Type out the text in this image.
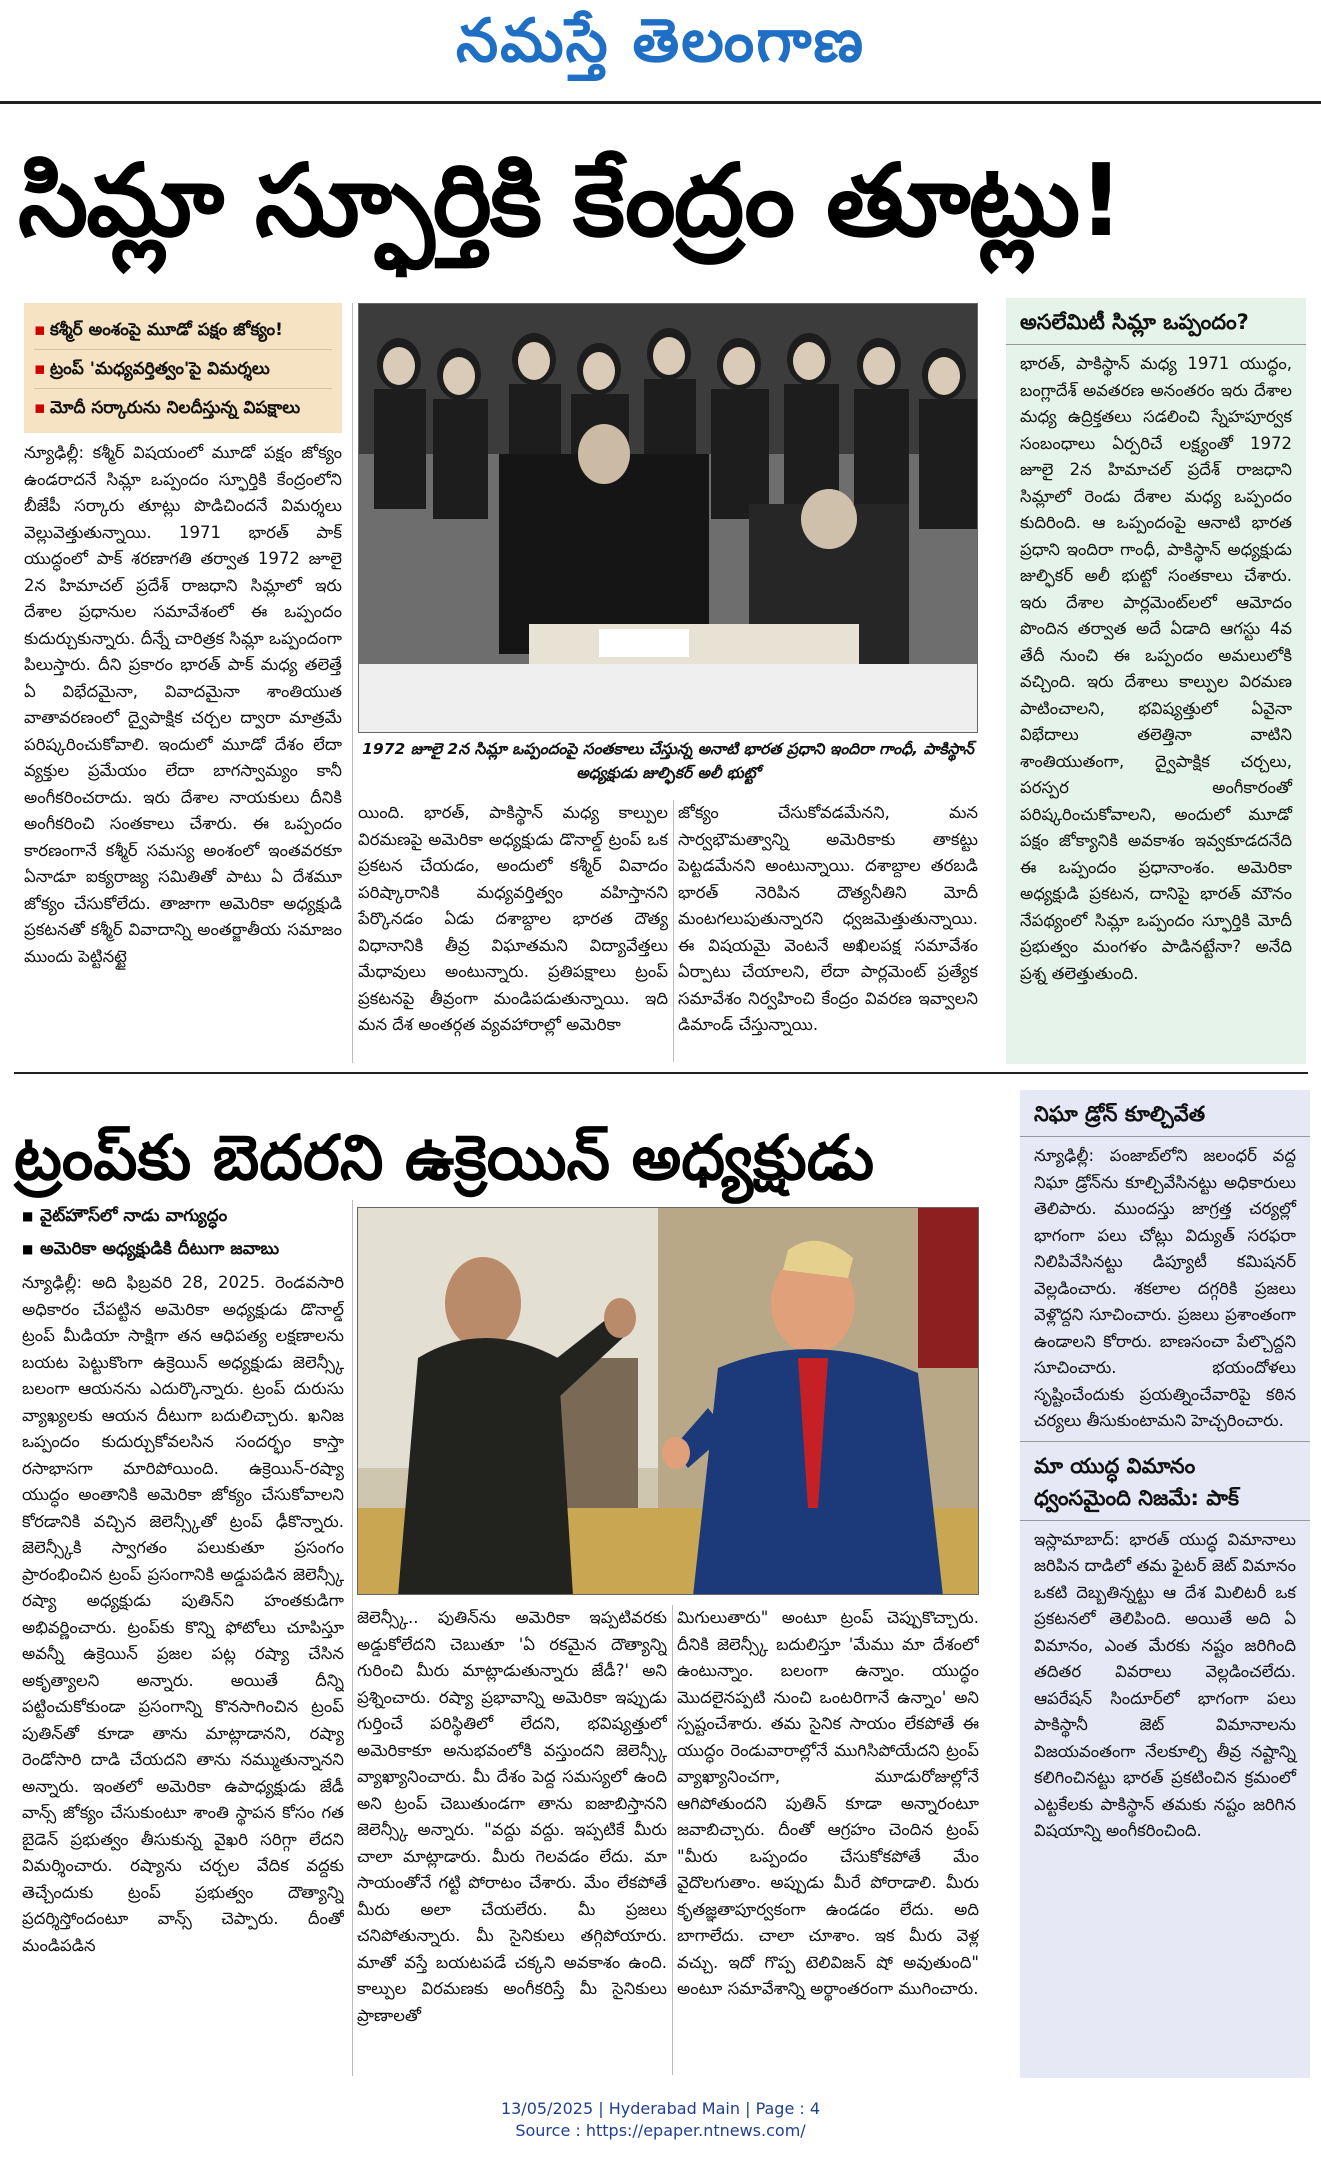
నమస్తే తెలంగాణ
సిమ్లా స్ఫూర్తికి కేంద్రం తూట్లు!
▪ కశ్మీర్ అంశంపై మూడో పక్షం జోక్యం!
▪ ట్రంప్ 'మధ్యవర్తిత్వం'పై విమర్శలు
▪ మోదీ సర్కారును నిలదీస్తున్న విపక్షాలు
న్యూఢిల్లీ: కశ్మీర్ విషయంలో మూడో పక్షం జోక్యం ఉండరాదనే సిమ్లా ఒప్పందం స్ఫూర్తికి కేంద్రంలోని బీజేపీ సర్కారు తూట్లు పొడిచిందనే విమర్శలు వెల్లువెత్తుతున్నాయి. 1971 భారత్ పాక్ యుద్ధంలో పాక్ శరణాగతి తర్వాత 1972 జూలై 2న హిమాచల్ ప్రదేశ్ రాజధాని సిమ్లాలో ఇరు దేశాల ప్రధానుల సమావేశంలో ఈ ఒప్పందం కుదుర్చుకున్నారు. దీన్నే చారిత్రక సిమ్లా ఒప్పందంగా పిలుస్తారు. దీని ప్రకారం భారత్ పాక్ మధ్య తలెత్తే ఏ విభేదమైనా, వివాదమైనా శాంతియుత వాతావరణంలో ద్వైపాక్షిక చర్చల ద్వారా మాత్రమే పరిష్కరించుకోవాలి. ఇందులో మూడో దేశం లేదా వ్యక్తుల ప్రమేయం లేదా బాగస్వామ్యం కానీ అంగీకరించరాదు. ఇరు దేశాల నాయకులు దీనికి అంగీకరించి సంతకాలు చేశారు. ఈ ఒప్పందం కారణంగానే కశ్మీర్ సమస్య అంశంలో ఇంతవరకూ ఏనాడూ ఐక్యరాజ్య సమితితో పాటు ఏ దేశమూ జోక్యం చేసుకోలేదు. తాజాగా అమెరికా అధ్యక్షుడి ప్రకటనతో కశ్మీర్ వివాదాన్ని అంతర్జాతీయ సమాజం ముందు పెట్టినట్టై
1972 జూలై 2న సిమ్లా ఒప్పందంపై సంతకాలు చేస్తున్న అనాటి భారత ప్రధాని ఇందిరా గాంధీ, పాకిస్థాన్ అధ్యక్షుడు జుల్ఫికర్ అలీ భుట్టో
యింది. భారత్, పాకిస్థాన్ మధ్య కాల్పుల విరమణపై అమెరికా అధ్యక్షుడు డొనాల్డ్ ట్రంప్ ఒక ప్రకటన చేయడం, అందులో కశ్మీర్ వివాదం పరిష్కారానికి మధ్యవర్తిత్వం వహిస్తానని పేర్కొనడం ఏడు దశాబ్దాల భారత దౌత్య విధానానికి తీవ్ర విఘాతమని విద్యావేత్తలు మేధావులు అంటున్నారు. ప్రతిపక్షాలు ట్రంప్ ప్రకటనపై తీవ్రంగా మండిపడుతున్నాయి. ఇది మన దేశ అంతర్గత వ్యవహారాల్లో అమెరికా
జోక్యం చేసుకోవడమేనని, మన సార్వభౌమత్వాన్ని అమెరికాకు తాకట్టు పెట్టడమేనని అంటున్నాయి. దశాబ్దాల తరబడి భారత్ నెరిపిన దౌత్యనీతిని మోదీ మంటగలుపుతున్నారని ధ్వజమెత్తుతున్నాయి. ఈ విషయమై వెంటనే అఖిలపక్ష సమావేశం ఏర్పాటు చేయాలని, లేదా పార్లమెంట్ ప్రత్యేక సమావేశం నిర్వహించి కేంద్రం వివరణ ఇవ్వాలని డిమాండ్ చేస్తున్నాయి.
అసలేమిటీ సిమ్లా ఒప్పందం?
భారత్, పాకిస్థాన్ మధ్య 1971 యుద్ధం, బంగ్లాదేశ్ అవతరణ అనంతరం ఇరు దేశాల మధ్య ఉద్రిక్తతలు సడలించి స్నేహపూర్వక సంబంధాలు ఏర్పరిచే లక్ష్యంతో 1972 జూలై 2న హిమాచల్ ప్రదేశ్ రాజధాని సిమ్లాలో రెండు దేశాల మధ్య ఒప్పందం కుదిరింది. ఆ ఒప్పందంపై ఆనాటి భారత ప్రధాని ఇందిరా గాంధీ, పాకిస్థాన్ అధ్యక్షుడు జుల్ఫికర్ అలీ భుట్టో సంతకాలు చేశారు. ఇరు దేశాల పార్లమెంట్‌లలో ఆమోదం పొందిన తర్వాత అదే ఏడాది ఆగస్టు 4వ తేదీ నుంచి ఈ ఒప్పందం అమలులోకి వచ్చింది. ఇరు దేశాలు కాల్పుల విరమణ పాటించాలని, భవిష్యత్తులో ఏవైనా విభేదాలు తలెత్తినా వాటిని శాంతియుతంగా, ద్వైపాక్షిక చర్చలు, పరస్పర అంగీకారంతో పరిష్కరించుకోవాలని, అందులో మూడో పక్షం జోక్యానికి అవకాశం ఇవ్వకూడదనేది ఈ ఒప్పందం ప్రధానాంశం. అమెరికా అధ్యక్షుడి ప్రకటన, దానిపై భారత్ మౌనం నేపథ్యంలో సిమ్లా ఒప్పందం స్ఫూర్తికి మోదీ ప్రభుత్వం మంగళం పాడినట్టేనా? అనేది ప్రశ్న తలెత్తుతుంది.
ట్రంప్‌కు బెదరని ఉక్రెయిన్ అధ్యక్షుడు
■ వైట్‌హౌస్‌లో నాడు వాగ్యుద్ధం
■ అమెరికా అధ్యక్షుడికి దీటుగా జవాబు
న్యూఢిల్లీ: అది ఫిబ్రవరి 28, 2025. రెండవసారి అధికారం చేపట్టిన అమెరికా అధ్యక్షుడు డొనాల్డ్ ట్రంప్ మీడియా సాక్షిగా తన ఆధిపత్య లక్షణాలను బయట పెట్టుకొంగా ఉక్రెయిన్ అధ్యక్షుడు జెలెన్స్కీ బలంగా ఆయనను ఎదుర్కొన్నారు. ట్రంప్ దురుసు వ్యాఖ్యలకు ఆయన దీటుగా బదులిచ్చారు. ఖనిజ ఒప్పందం కుదుర్చుకోవలసిన సందర్భం కాస్తా రసాభాసగా మారిపోయింది. ఉక్రెయిన్-రష్యా యుద్ధం అంతానికి అమెరికా జోక్యం చేసుకోవాలని కోరడానికి వచ్చిన జెలెన్స్కీతో ట్రంప్ ఢీకొన్నారు. జెలెన్స్కీకి స్వాగతం పలుకుతూ ప్రసంగం ప్రారంభించిన ట్రంప్ ప్రసంగానికి అడ్డుపడిన జెలెన్స్కీ రష్యా అధ్యక్షుడు పుతిన్‌ని హంతకుడిగా అభివర్ణించారు. ట్రంప్‌కు కొన్ని ఫోటోలు చూపిస్తూ అవన్నీ ఉక్రెయిన్ ప్రజల పట్ల రష్యా చేసిన అకృత్యాలని అన్నారు. అయితే దీన్ని పట్టించుకోకుండా ప్రసంగాన్ని కొనసాగించిన ట్రంప్ పుతిన్‌తో కూడా తాను మాట్లాడానని, రష్యా రెండోసారి దాడి చేయదని తాను నమ్ముతున్నానని అన్నారు. ఇంతలో అమెరికా ఉపాధ్యక్షుడు జేడీ వాన్స్ జోక్యం చేసుకుంటూ శాంతి స్థాపన కోసం గత బైడెన్ ప్రభుత్వం తీసుకున్న వైఖరి సరిగ్గా లేదని విమర్శించారు. రష్యాను చర్చల వేదిక వద్దకు తెచ్చేందుకు ట్రంప్ ప్రభుత్వం దౌత్యాన్ని ప్రదర్శిస్తోందంటూ వాన్స్ చెప్పారు. దీంతో మండిపడిన
జెలెన్స్కీ.. పుతిన్‌ను అమెరికా ఇప్పటివరకు అడ్డుకోలేదని చెబుతూ 'ఏ రకమైన దౌత్యాన్ని గురించి మీరు మాట్లాడుతున్నారు జేడీ?' అని ప్రశ్నించారు. రష్యా ప్రభావాన్ని అమెరికా ఇప్పుడు గుర్తించే పరిస్థితిలో లేదని, భవిష్యత్తులో అమెరికాకూ అనుభవంలోకి వస్తుందని జెలెన్స్కీ వ్యాఖ్యానించారు. మీ దేశం పెద్ద సమస్యలో ఉంది అని ట్రంప్ చెబుతుండగా తాను ఐజాబిస్తానని జెలెన్స్కీ అన్నారు. "వద్దు వద్దు. ఇప్పటికే మీరు చాలా మాట్లాడారు. మీరు గెలవడం లేదు. మా సాయంతోనే గట్టి పోరాటం చేశారు. మేం లేకపోతే మీరు అలా చేయలేరు. మీ ప్రజలు చనిపోతున్నారు. మీ సైనికులు తగ్గిపోయారు. మాతో వస్తే బయటపడే చక్కని అవకాశం ఉంది. కాల్పుల విరమణకు అంగీకరిస్తే మీ సైనికులు ప్రాణాలతో
మిగులుతారు" అంటూ ట్రంప్ చెప్పుకొచ్చారు. దీనికి జెలెన్స్కీ బదులిస్తూ 'మేము మా దేశంలో ఉంటున్నాం. బలంగా ఉన్నాం. యుద్ధం మొదలైనప్పటి నుంచి ఒంటరిగానే ఉన్నాం' అని స్పష్టంచేశారు. తమ సైనిక సాయం లేకపోతే ఈ యుద్ధం రెండువారాల్లోనే ముగిసిపోయేదని ట్రంప్ వ్యాఖ్యానించగా, మూడురోజుల్లోనే ఆగిపోతుందని పుతిన్ కూడా అన్నారంటూ జవాబిచ్చారు. దీంతో ఆగ్రహం చెందిన ట్రంప్ "మీరు ఒప్పందం చేసుకోకపోతే మేం వైదొలగుతాం. అప్పుడు మీరే పోరాడాలి. మీరు కృతజ్ఞతాపూర్వకంగా ఉండడం లేదు. అది బాగాలేదు. చాలా చూశాం. ఇక మీరు వెళ్ల వచ్చు. ఇదో గొప్ప టెలివిజన్ షో అవుతుంది" అంటూ సమావేశాన్ని అర్థాంతరంగా ముగించారు.
నిఘా డ్రోన్ కూల్చివేత
న్యూఢిల్లీ: పంజాబ్‌లోని జలంధర్ వద్ద నిఘా డ్రోన్‌ను కూల్చివేసినట్టు అధికారులు తెలిపారు. ముందస్తు జాగ్రత్త చర్యల్లో భాగంగా పలు చోట్లు విద్యుత్ సరఫరా నిలిపివేసినట్టు డిప్యూటీ కమిషనర్ వెల్లడించారు. శకలాల దగ్గరికి ప్రజలు వెళ్లొద్దని సూచించారు. ప్రజలు ప్రశాంతంగా ఉండాలని కోరారు. బాణసంచా పేల్చొద్దని సూచించారు. భయందోళలు సృష్టించేందుకు ప్రయత్నించేవారిపై కఠిన చర్యలు తీసుకుంటామని హెచ్చరించారు.
మా యుద్ధ విమానం ధ్వంసమైంది నిజమే: పాక్
ఇస్లామాబాద్: భారత్ యుద్ధ విమానాలు జరిపిన దాడిలో తమ ఫైటర్ జెట్ విమానం ఒకటి దెబ్బతిన్నట్టు ఆ దేశ మిలిటరీ ఒక ప్రకటనలో తెలిపింది. అయితే అది ఏ విమానం, ఎంత మేరకు నష్టం జరిగింది తదితర వివరాలు వెల్లడించలేదు. ఆపరేషన్ సిందూర్‌లో భాగంగా పలు పాకిస్థానీ జెట్ విమానాలను విజయవంతంగా నేలకూల్చి తీవ్ర నష్టాన్ని కలిగించినట్టు భారత్ ప్రకటించిన క్రమంలో ఎట్టకేలకు పాకిస్థాన్ తమకు నష్టం జరిగిన విషయాన్ని అంగీకరించింది.
13/05/2025 | Hyderabad Main | Page : 4
Source : https://epaper.ntnews.com/
